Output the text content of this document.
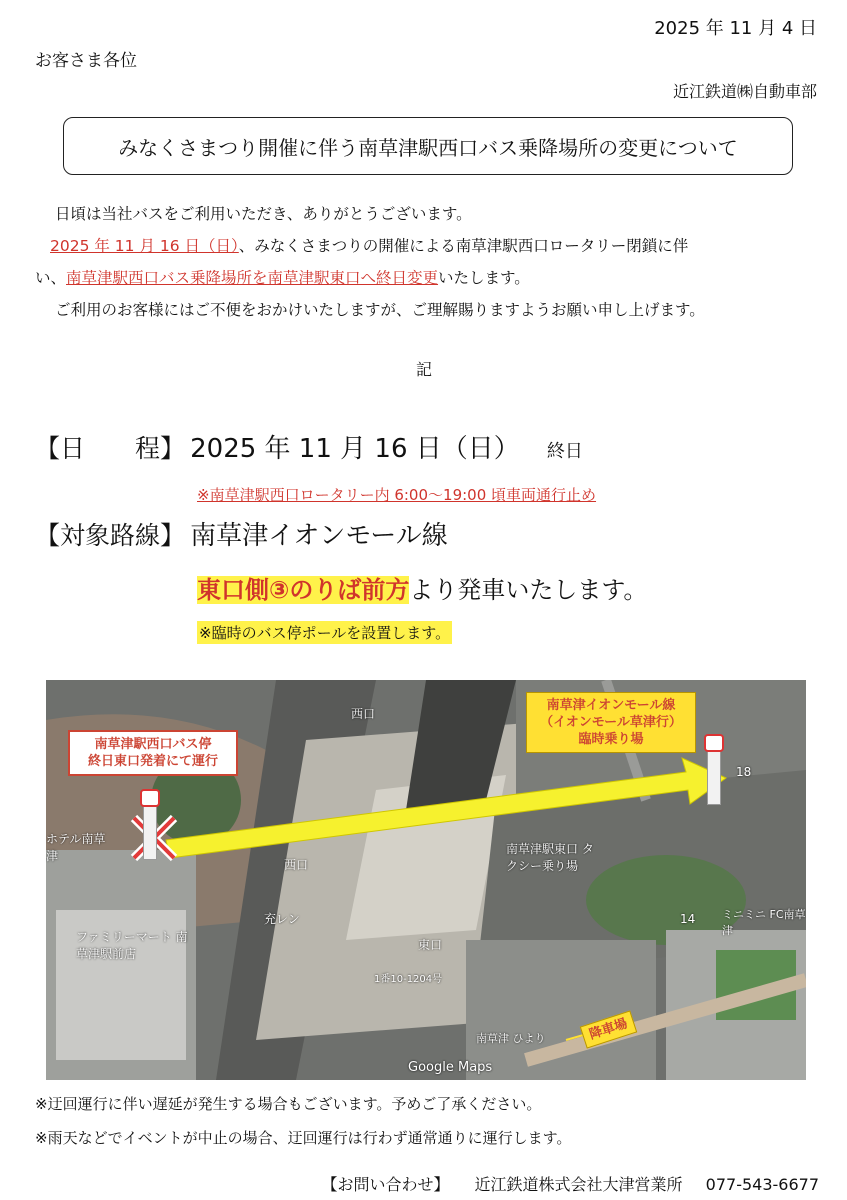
2025 年 11 月 4 日
お客さま各位
近江鉄道㈱自動車部
みなくさまつり開催に伴う南草津駅西口バス乗降場所の変更について
日頃は当社バスをご利用いただき、ありがとうございます。
2025 年 11 月 16 日（日）、みなくさまつりの開催による南草津駅西口ロータリー閉鎖に伴
い、南草津駅西口バス乗降場所を南草津駅東口へ終日変更いたします。
ご利用のお客様にはご不便をおかけいたしますが、ご理解賜りますようお願い申し上げます。
記
【日　　程】 2025 年 11 月 16 日（日） 終日
※南草津駅西口ロータリー内 6:00～19:00 頃車両通行止め
【対象路線】 南草津イオンモール線
東口側③のりば前方より発車いたします。
※臨時のバス停ポールを設置します。
南草津駅西口バス停
終日東口発着にて運行
南草津イオンモール線
（イオンモール草津行）
臨時乗り場
降車場
西口
西口
東口
南草津駅東口 タクシー乗り場
ファミリーマート 南草津駅前店
ホテル南草津
充レン
1番10-1204号
18
14 ミニミニ FC南草津
南草津 ひより
Google Maps
※迂回運行に伴い遅延が発生する場合もございます。予めご了承ください。
※雨天などでイベントが中止の場合、迂回運行は行わず通常通りに運行します。
【お問い合わせ】 近江鉄道株式会社大津営業所 077-543-6677
